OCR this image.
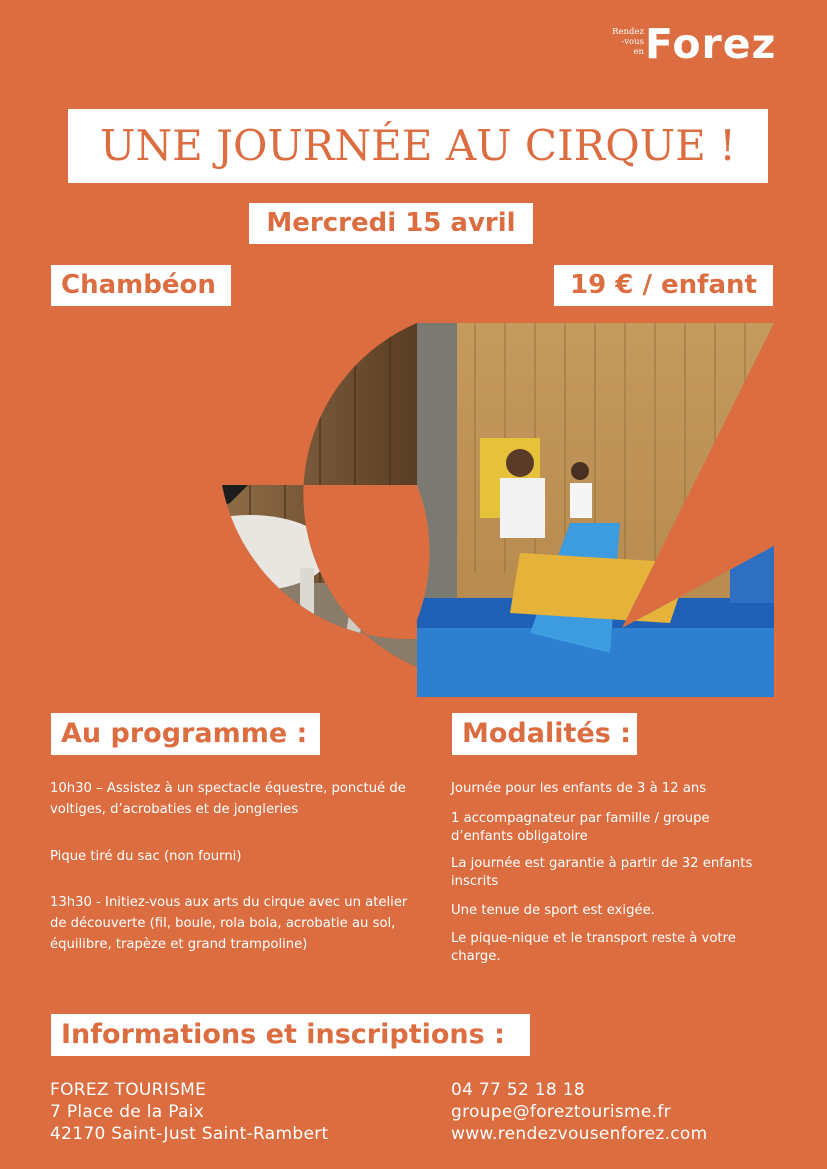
Rendez
-vous
en Forez
UNE JOURNÉE AU CIRQUE !
Mercredi 15 avril
Chambéon	19 € / enfant
Au programme :
10h30 – Assistez à un spectacle équestre, ponctué de voltiges, d’acrobaties et de jongleries
Pique tiré du sac (non fourni)
13h30 - Initiez-vous aux arts du cirque avec un atelier de découverte (fil, boule, rola bola, acrobatie au sol, équilibre, trapèze et grand trampoline)
Modalités :
Journée pour les enfants de 3 à 12 ans
1 accompagnateur par famille / groupe d’enfants obligatoire
La journée est garantie à partir de 32 enfants inscrits
Une tenue de sport est exigée.
Le pique-nique et le transport reste à votre charge.
Informations et inscriptions :
FOREZ TOURISME
7 Place de la Paix
42170 Saint-Just Saint-Rambert
04 77 52 18 18
groupe@foreztourisme.fr
www.rendezvousenforez.com
